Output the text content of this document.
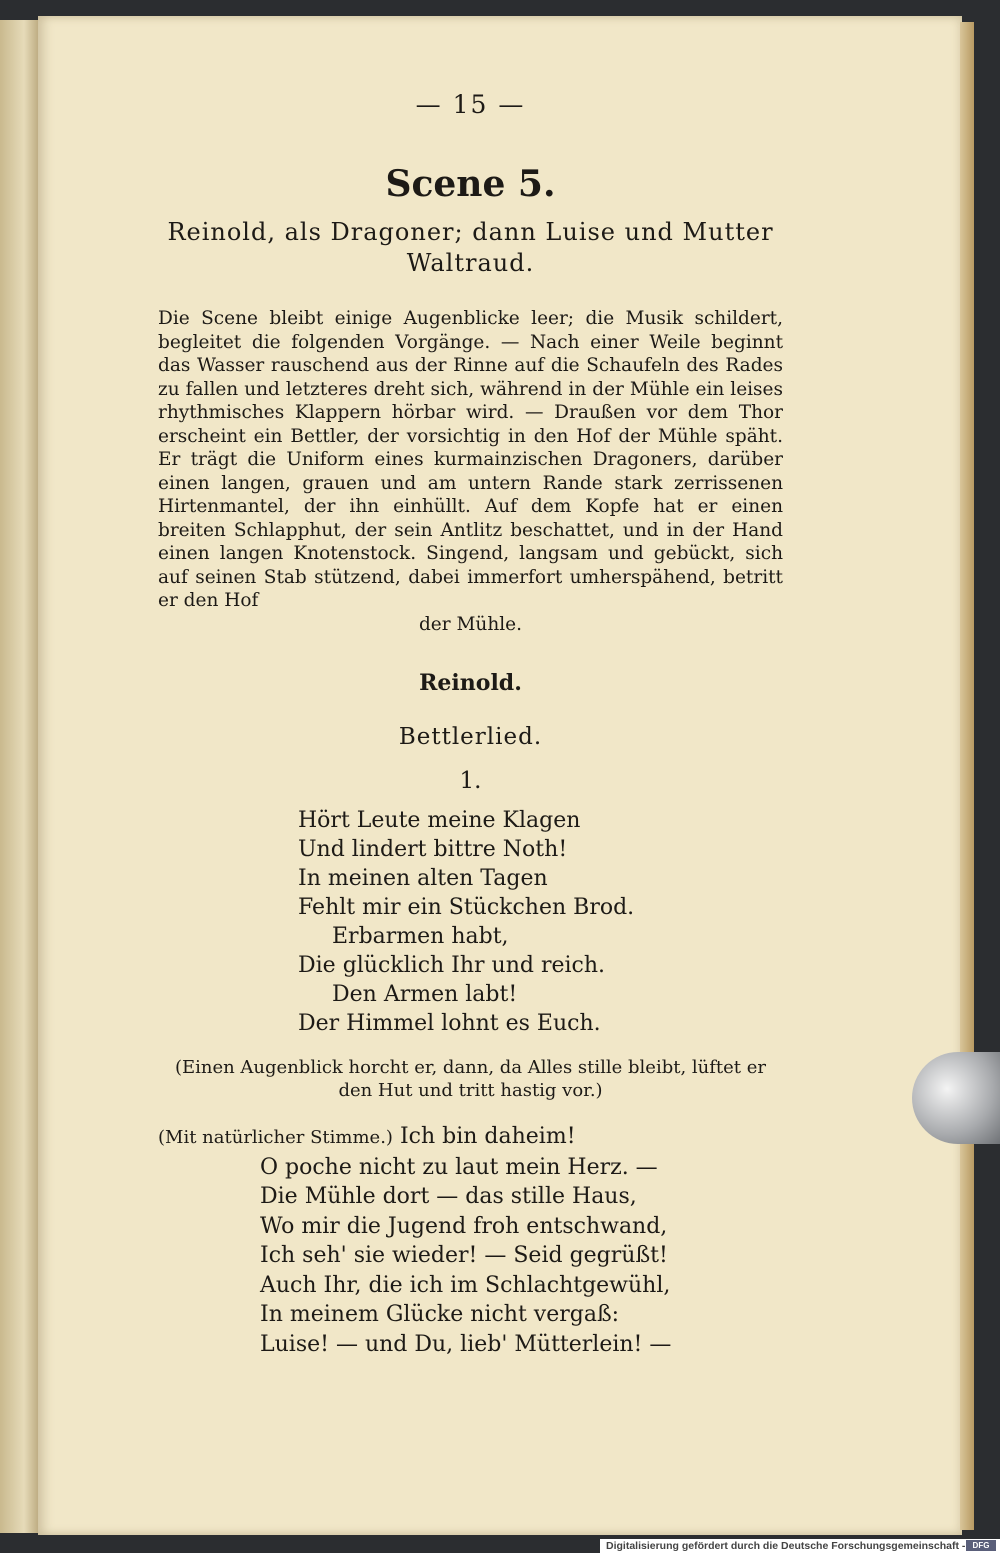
— 15 —
Scene 5.
Reinold, als Dragoner; dann Luise und Mutter
Waltraud.

Die Scene bleibt einige Augenblicke leer; die Musik schildert, begleitet die folgenden Vorgänge. — Nach einer Weile beginnt das Wasser rauschend aus der Rinne auf die Schaufeln des Rades zu fallen und letzteres dreht sich, während in der Mühle ein leises rhythmisches Klappern hörbar wird. — Draußen vor dem Thor erscheint ein Bettler, der vorsichtig in den Hof der Mühle späht. Er trägt die Uniform eines kurmainzischen Dragoners, darüber einen langen, grauen und am untern Rande stark zerrissenen Hirtenmantel, der ihn einhüllt. Auf dem Kopfe hat er einen breiten Schlapphut, der sein Antlitz beschattet, und in der Hand einen langen Knotenstock. Singend, langsam und gebückt, sich auf seinen Stab stützend, dabei immerfort umherspähend, betritt er den Hof

der Mühle.
Reinold.
Bettlerlied.
1.
Hört Leute meine Klagen
Und lindert bittre Noth!
In meinen alten Tagen
Fehlt mir ein Stückchen Brod.
Erbarmen habt,
Die glücklich Ihr und reich.
Den Armen labt!
Der Himmel lohnt es Euch.
(Einen Augenblick horcht er, dann, da Alles stille bleibt, lüftet er
den Hut und tritt hastig vor.)
(Mit natürlicher Stimme.) Ich bin daheim!
O poche nicht zu laut mein Herz. —
Die Mühle dort — das stille Haus,
Wo mir die Jugend froh entschwand,
Ich seh' sie wieder! — Seid gegrüßt!
Auch Ihr, die ich im Schlachtgewühl,
In meinem Glücke nicht vergaß:
Luise! — und Du, lieb' Mütterlein! —
Digitalisierung gefördert durch die Deutsche Forschungsgemeinschaft - DFG
